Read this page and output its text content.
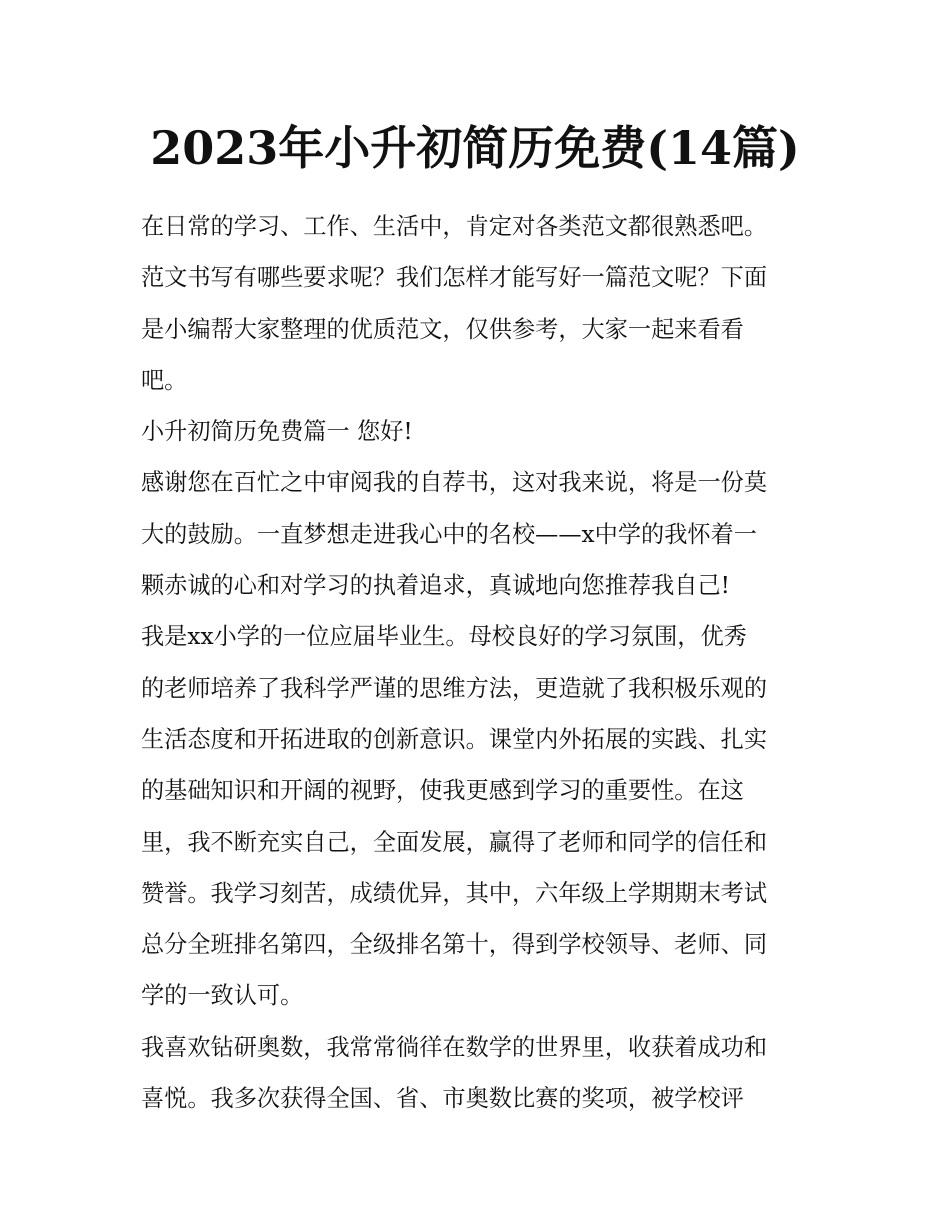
2023年小升初简历免费(14篇)

在日常的学习、工作、生活中，肯定对各类范文都很熟悉吧。

范文书写有哪些要求呢？我们怎样才能写好一篇范文呢？下面

是小编帮大家整理的优质范文，仅供参考，大家一起来看看

吧。

小升初简历免费篇一 您好!

感谢您在百忙之中审阅我的自荐书，这对我来说，将是一份莫

大的鼓励。一直梦想走进我心中的名校——x中学的我怀着一

颗赤诚的心和对学习的执着追求，真诚地向您推荐我自己!

我是xx小学的一位应届毕业生。母校良好的学习氛围，优秀

的老师培养了我科学严谨的思维方法，更造就了我积极乐观的

生活态度和开拓进取的创新意识。课堂内外拓展的实践、扎实

的基础知识和开阔的视野，使我更感到学习的重要性。在这

里，我不断充实自己，全面发展，赢得了老师和同学的信任和

赞誉。我学习刻苦，成绩优异，其中，六年级上学期期末考试

总分全班排名第四，全级排名第十，得到学校领导、老师、同

学的一致认可。

我喜欢钻研奥数，我常常徜徉在数学的世界里，收获着成功和

喜悦。我多次获得全国、省、市奥数比赛的奖项，被学校评
